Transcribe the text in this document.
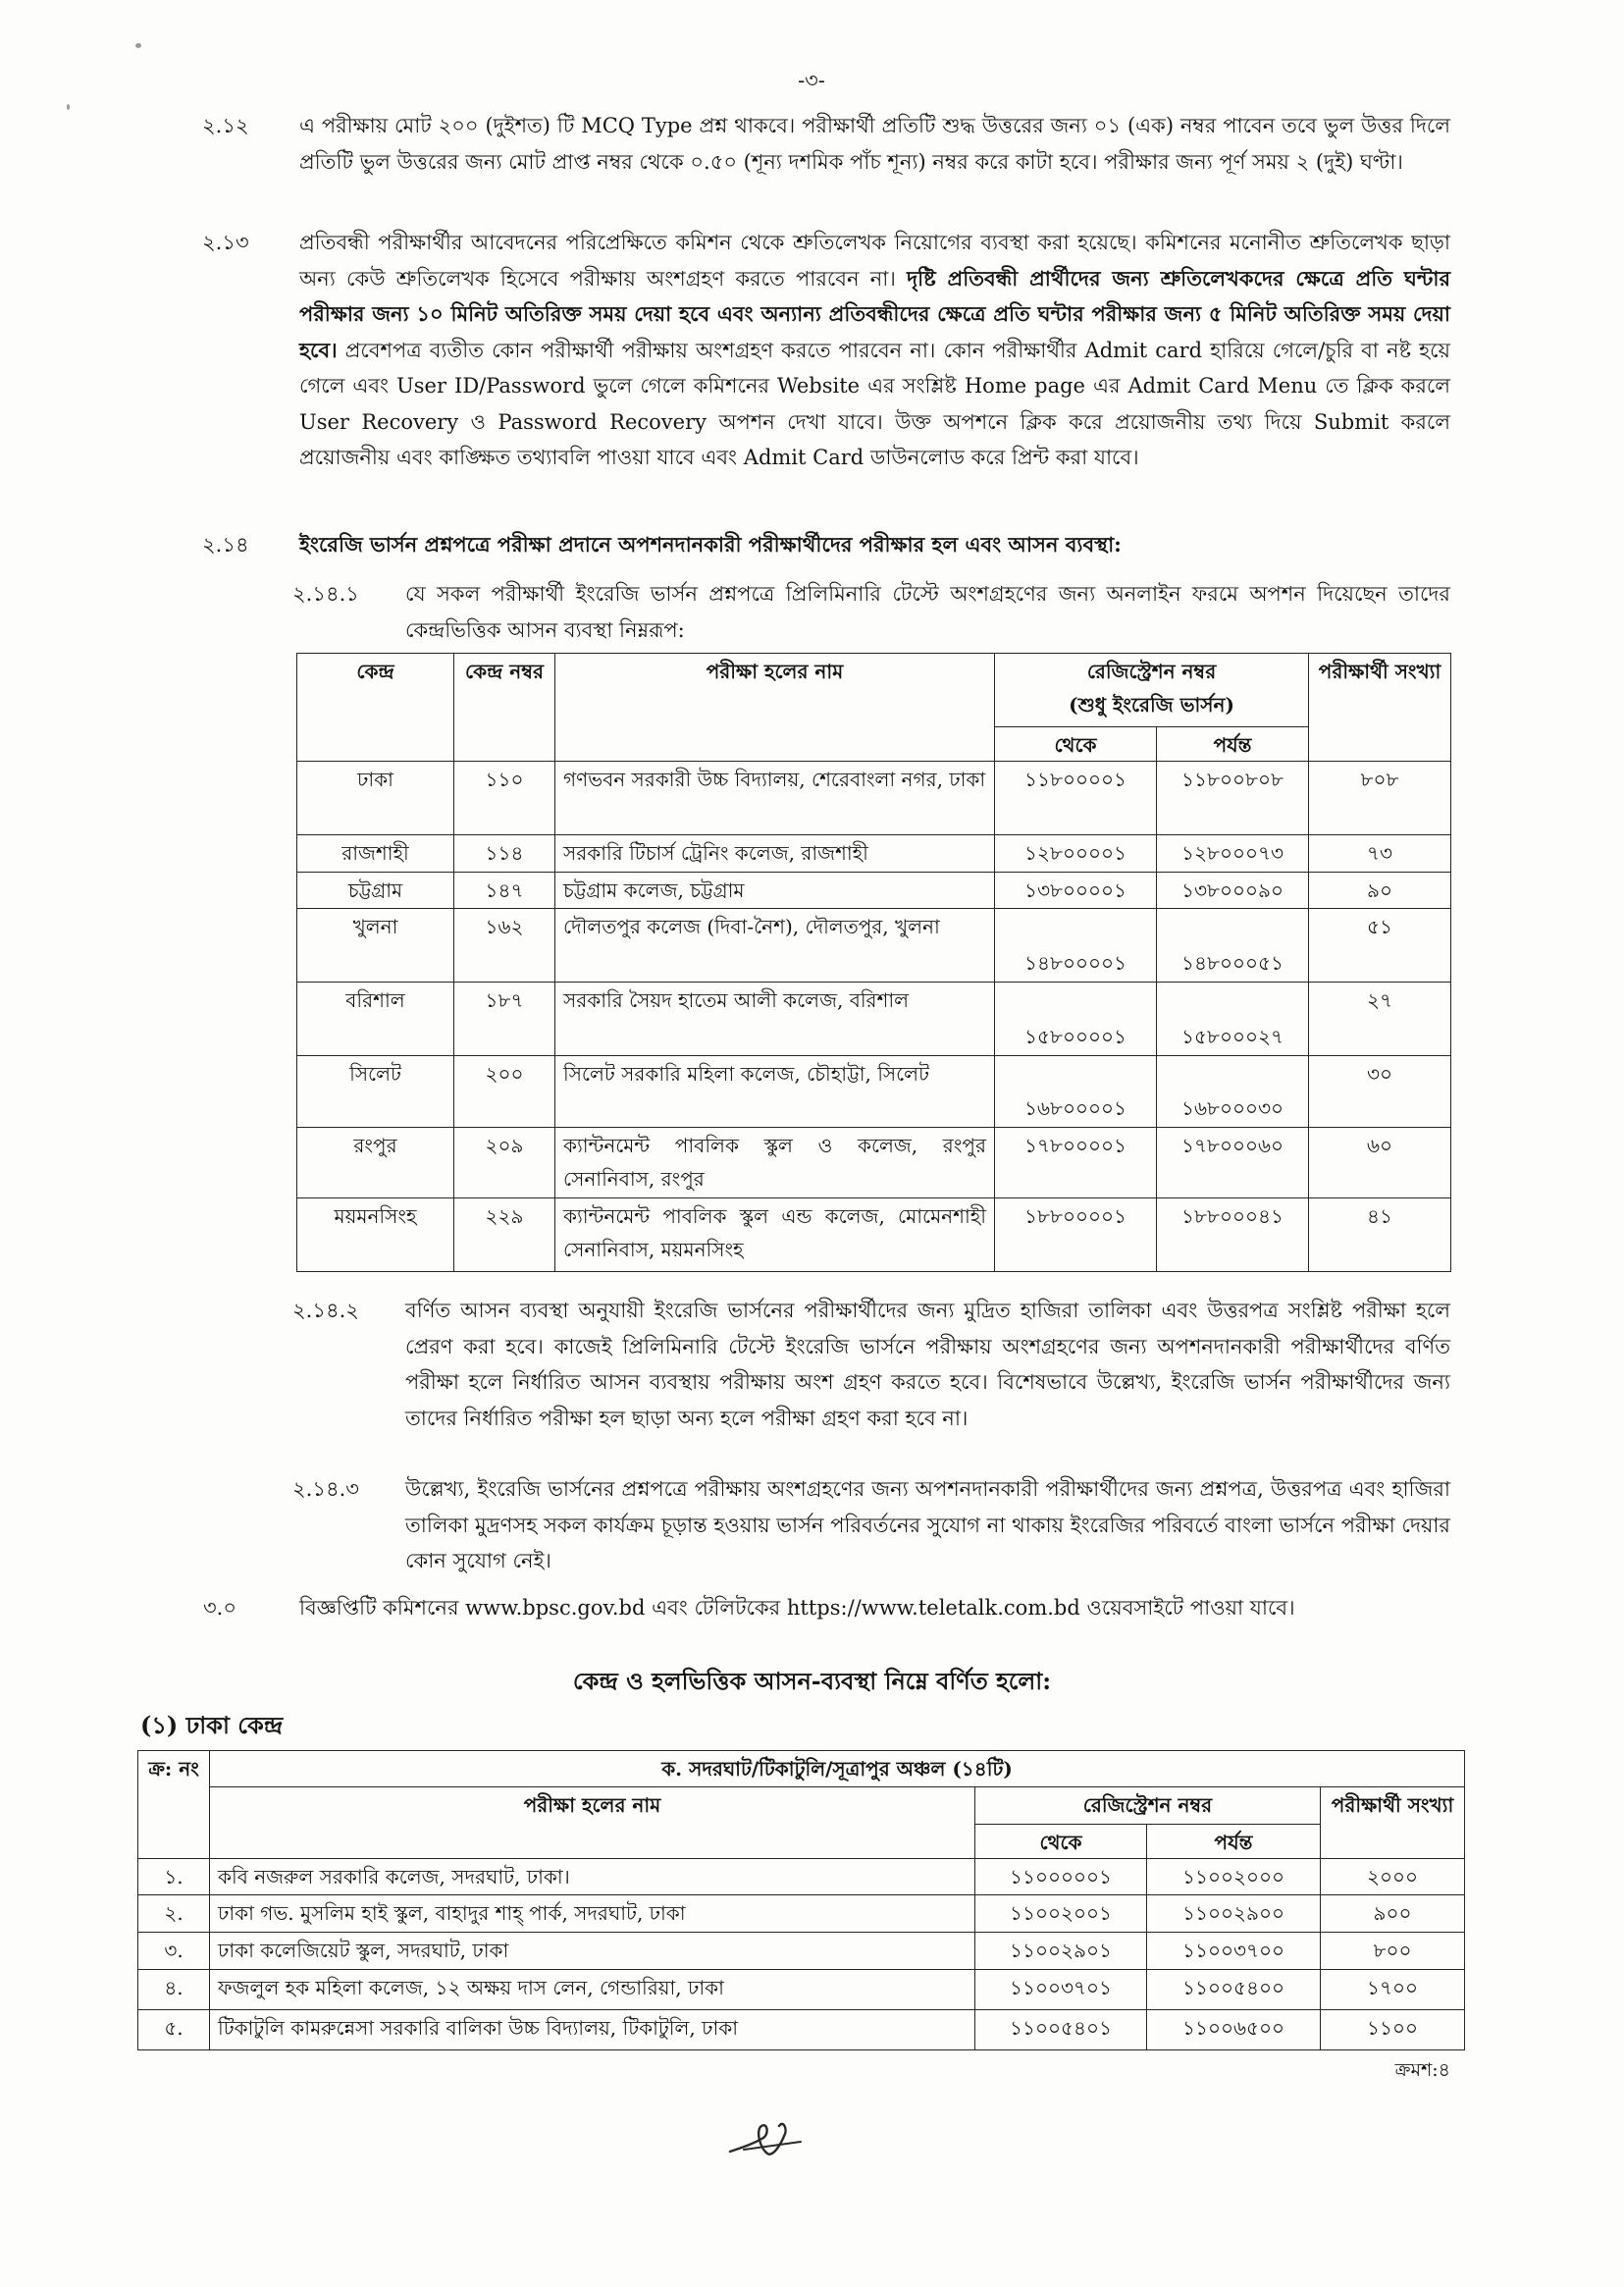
-৩-
২.১২ এ পরীক্ষায় মোট ২০০ (দুইশত) টি MCQ Type প্রশ্ন থাকবে। পরীক্ষার্থী প্রতিটি শুদ্ধ উত্তরের জন্য ০১ (এক) নম্বর পাবেন তবে ভুল উত্তর দিলে প্রতিটি ভুল উত্তরের জন্য মোট প্রাপ্ত নম্বর থেকে ০.৫০ (শূন্য দশমিক পাঁচ শূন্য) নম্বর করে কাটা হবে। পরীক্ষার জন্য পূর্ণ সময় ২ (দুই) ঘণ্টা।
২.১৩ প্রতিবন্ধী পরীক্ষার্থীর আবেদনের পরিপ্রেক্ষিতে কমিশন থেকে শ্রুতিলেখক নিয়োগের ব্যবস্থা করা হয়েছে। কমিশনের মনোনীত শ্রুতিলেখক ছাড়া অন্য কেউ শ্রুতিলেখক হিসেবে পরীক্ষায় অংশগ্রহণ করতে পারবেন না। দৃষ্টি প্রতিবন্ধী প্রার্থীদের জন্য শ্রুতিলেখকদের ক্ষেত্রে প্রতি ঘন্টার পরীক্ষার জন্য ১০ মিনিট অতিরিক্ত সময় দেয়া হবে এবং অন্যান্য প্রতিবন্ধীদের ক্ষেত্রে প্রতি ঘন্টার পরীক্ষার জন্য ৫ মিনিট অতিরিক্ত সময় দেয়া হবে। প্রবেশপত্র ব্যতীত কোন পরীক্ষার্থী পরীক্ষায় অংশগ্রহণ করতে পারবেন না। কোন পরীক্ষার্থীর Admit card হারিয়ে গেলে/চুরি বা নষ্ট হয়ে গেলে এবং User ID/Password ভুলে গেলে কমিশনের Website এর সংশ্লিষ্ট Home page এর Admit Card Menu তে ক্লিক করলে User Recovery ও Password Recovery অপশন দেখা যাবে। উক্ত অপশনে ক্লিক করে প্রয়োজনীয় তথ্য দিয়ে Submit করলে প্রয়োজনীয় এবং কাঙ্ক্ষিত তথ্যাবলি পাওয়া যাবে এবং Admit Card ডাউনলোড করে প্রিন্ট করা যাবে।
২.১৪ ইংরেজি ভার্সন প্রশ্নপত্রে পরীক্ষা প্রদানে অপশনদানকারী পরীক্ষার্থীদের পরীক্ষার হল এবং আসন ব্যবস্থা:
২.১৪.১ যে সকল পরীক্ষার্থী ইংরেজি ভার্সন প্রশ্নপত্রে প্রিলিমিনারি টেস্টে অংশগ্রহণের জন্য অনলাইন ফরমে অপশন দিয়েছেন তাদের কেন্দ্রভিত্তিক আসন ব্যবস্থা নিম্নরূপ:
কেন্দ্র	কেন্দ্র নম্বর	পরীক্ষা হলের নাম	রেজিস্ট্রেশন নম্বর
(শুধু ইংরেজি ভার্সন)		পরীক্ষার্থী সংখ্যা

			থেকে	পর্যন্ত	

ঢাকা	১১০	গণভবন সরকারী উচ্চ বিদ্যালয়, শেরেবাংলা নগর, ঢাকা	১১৮০০০০১	১১৮০০৮০৮	৮০৮

রাজশাহী	১১৪	সরকারি টিচার্স ট্রেনিং কলেজ, রাজশাহী	১২৮০০০০১	১২৮০০০৭৩	৭৩

চট্টগ্রাম	১৪৭	চট্টগ্রাম কলেজ, চট্টগ্রাম	১৩৮০০০০১	১৩৮০০০৯০	৯০

খুলনা	১৬২	দৌলতপুর কলেজ (দিবা-নৈশ), দৌলতপুর, খুলনা	১৪৮০০০০১	১৪৮০০০৫১	৫১

বরিশাল	১৮৭	সরকারি সৈয়দ হাতেম আলী কলেজ, বরিশাল	১৫৮০০০০১	১৫৮০০০২৭	২৭

সিলেট	২০০	সিলেট সরকারি মহিলা কলেজ, চৌহাট্টা, সিলেট	১৬৮০০০০১	১৬৮০০০৩০	৩০

রংপুর	২০৯	ক্যান্টনমেন্ট পাবলিক স্কুল ও কলেজ, রংপুর সেনানিবাস, রংপুর	১৭৮০০০০১	১৭৮০০০৬০	৬০

ময়মনসিংহ	২২৯	ক্যান্টনমেন্ট পাবলিক স্কুল এন্ড কলেজ, মোমেনশাহী সেনানিবাস, ময়মনসিংহ	১৮৮০০০০১	১৮৮০০০৪১	৪১
২.১৪.২ বর্ণিত আসন ব্যবস্থা অনুযায়ী ইংরেজি ভার্সনের পরীক্ষার্থীদের জন্য মুদ্রিত হাজিরা তালিকা এবং উত্তরপত্র সংশ্লিষ্ট পরীক্ষা হলে প্রেরণ করা হবে। কাজেই প্রিলিমিনারি টেস্টে ইংরেজি ভার্সনে পরীক্ষায় অংশগ্রহণের জন্য অপশনদানকারী পরীক্ষার্থীদের বর্ণিত পরীক্ষা হলে নির্ধারিত আসন ব্যবস্থায় পরীক্ষায় অংশ গ্রহণ করতে হবে। বিশেষভাবে উল্লেখ্য, ইংরেজি ভার্সন পরীক্ষার্থীদের জন্য তাদের নির্ধারিত পরীক্ষা হল ছাড়া অন্য হলে পরীক্ষা গ্রহণ করা হবে না।
২.১৪.৩ উল্লেখ্য, ইংরেজি ভার্সনের প্রশ্নপত্রে পরীক্ষায় অংশগ্রহণের জন্য অপশনদানকারী পরীক্ষার্থীদের জন্য প্রশ্নপত্র, উত্তরপত্র এবং হাজিরা তালিকা মুদ্রণসহ সকল কার্যক্রম চূড়ান্ত হওয়ায় ভার্সন পরিবর্তনের সুযোগ না থাকায় ইংরেজির পরিবর্তে বাংলা ভার্সনে পরীক্ষা দেয়ার কোন সুযোগ নেই।
৩.০	বিজ্ঞপ্তিটি কমিশনের www.bpsc.gov.bd এবং টেলিটকের https://www.teletalk.com.bd ওয়েবসাইটে পাওয়া যাবে।
কেন্দ্র ও হলভিত্তিক আসন-ব্যবস্থা নিম্নে বর্ণিত হলো:
(১) ঢাকা কেন্দ্র
ক্র: নং	ক. সদরঘাট/টিকাটুলি/সূত্রাপুর অঞ্চল (১৪টি)			

	পরীক্ষা হলের নাম	রেজিস্ট্রেশন নম্বর		পরীক্ষার্থী সংখ্যা

		থেকে	পর্যন্ত	

১.	কবি নজরুল সরকারি কলেজ, সদরঘাট, ঢাকা।	১১০০০০০১	১১০০২০০০	২০০০

২.	ঢাকা গভ. মুসলিম হাই স্কুল, বাহাদুর শাহ্ পার্ক, সদরঘাট, ঢাকা	১১০০২০০১	১১০০২৯০০	৯০০

৩.	ঢাকা কলেজিয়েট স্কুল, সদরঘাট, ঢাকা	১১০০২৯০১	১১০০৩৭০০	৮০০

৪.	ফজলুল হক মহিলা কলেজ, ১২ অক্ষয় দাস লেন, গেন্ডারিয়া, ঢাকা	১১০০৩৭০১	১১০০৫৪০০	১৭০০

৫.	টিকাটুলি কামরুন্নেসা সরকারি বালিকা উচ্চ বিদ্যালয়, টিকাটুলি, ঢাকা	১১০০৫৪০১	১১০০৬৫০০	১১০০
ক্রমশ:৪
